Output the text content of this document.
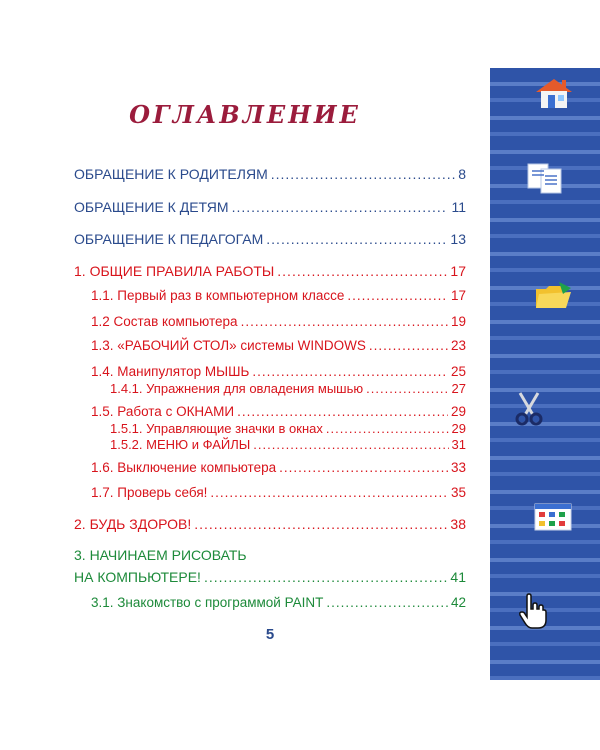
ОГЛАВЛЕНИЕ
ОБРАЩЕНИЕ К РОДИТЕЛЯМ .....	8
ОБРАЩЕНИЕ К ДЕТЯМ .....	11
ОБРАЩЕНИЕ К ПЕДАГОГАМ .....	13
1. ОБЩИЕ ПРАВИЛА РАБОТЫ .....	17
1.1. Первый раз в компьютерном классе .....	17
1.2 Состав компьютера .....	19
1.3. «РАБОЧИЙ СТОЛ» системы WINDOWS .....	23
1.4. Манипулятор МЫШЬ .....	25
1.4.1. Упражнения для овладения мышью .....	27
1.5. Работа с ОКНАМИ .....	29
1.5.1. Управляющие значки в окнах .....	29
1.5.2. МЕНЮ и ФАЙЛЫ .....	31
1.6. Выключение компьютера .....	33
1.7. Проверь себя! .....	35
2. БУДЬ ЗДОРОВ! .....	38
3. НАЧИНАЕМ РИСОВАТЬ
НА КОМПЬЮТЕРЕ! .....	41
3.1. Знакомство с программой PAINT .....	42
5
